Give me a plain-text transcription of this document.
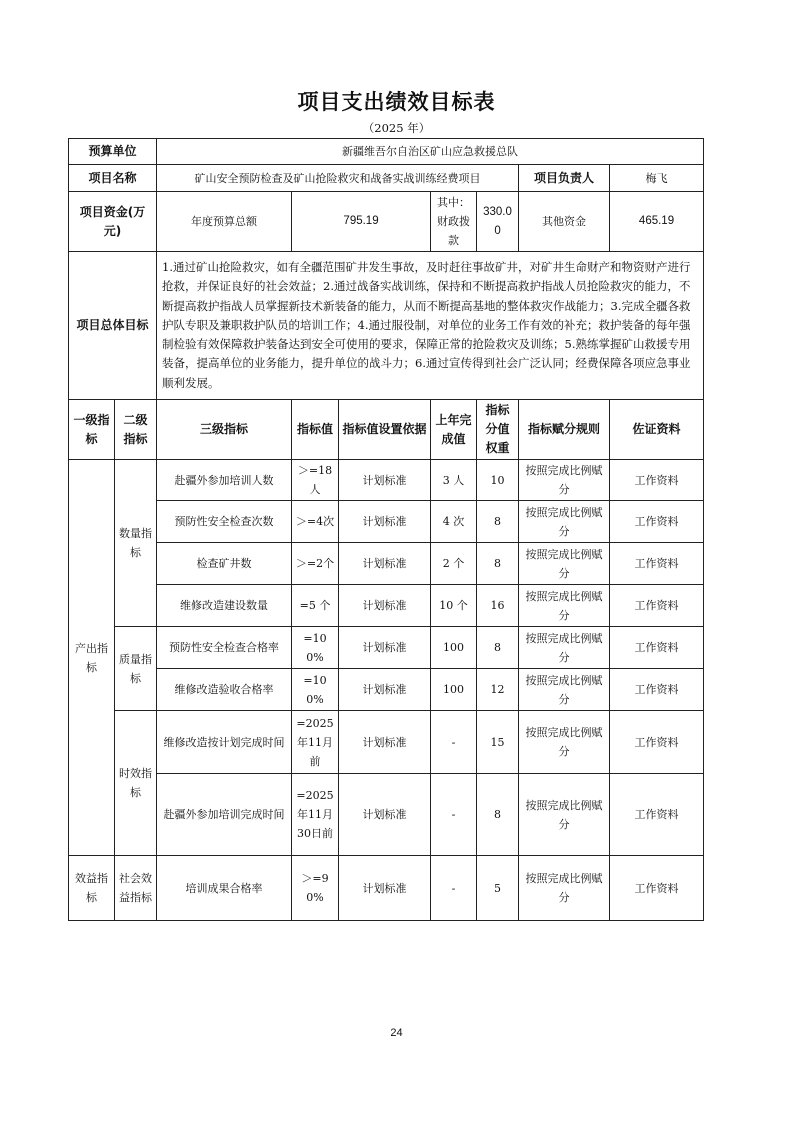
项目支出绩效目标表
（2025 年）
预算单位		新疆维吾尔自治区矿山应急救援总队						
项目名称		矿山安全预防检查及矿山抢险救灾和战备实战训练经费项目					项目负责人	梅飞
项目资金(万元)		年度预算总额	795.19		其中：财政拨款	330.00	其他资金	465.19
项目总体目标		1.通过矿山抢险救灾，如有全疆范围矿井发生事故，及时赶往事故矿井，对矿井生命财产和物资财产进行抢救，并保证良好的社会效益；2.通过战备实战训练，保持和不断提高救护指战人员抢险救灾的能力，不断提高救护指战人员掌握新技术新装备的能力，从而不断提高基地的整体救灾作战能力；3.完成全疆各救护队专职及兼职救护队员的培训工作；4.通过服役制，对单位的业务工作有效的补充；救护装备的每年强制检验有效保障救护装备达到安全可使用的要求，保障正常的抢险救灾及训练；5.熟练掌握矿山救援专用装备，提高单位的业务能力，提升单位的战斗力；6.通过宣传得到社会广泛认同；经费保障各项应急事业顺利发展。						
一级指标	二级指标	三级指标	指标值	指标值设置依据	上年完成值	指标分值权重	指标赋分规则	佐证资料
产出指标	数量指标	赴疆外参加培训人数	＞=18人	计划标准	3 人	10	按照完成比例赋分	工作资料
		预防性安全检查次数	＞=4次	计划标准	4 次	8	按照完成比例赋分	工作资料
		检查矿井数	＞=2个	计划标准	2 个	8	按照完成比例赋分	工作资料
		维修改造建设数量	=5 个	计划标准	10 个	16	按照完成比例赋分	工作资料
	质量指标	预防性安全检查合格率	=100%	计划标准	100	8	按照完成比例赋分	工作资料
		维修改造验收合格率	=100%	计划标准	100	12	按照完成比例赋分	工作资料
	时效指标	维修改造按计划完成时间	=2025年11月前	计划标准	-	15	按照完成比例赋分	工作资料
		赴疆外参加培训完成时间	=2025年11月30日前	计划标准	-	8	按照完成比例赋分	工作资料
效益指标	社会效益指标	培训成果合格率	＞=90%	计划标准	-	5	按照完成比例赋分	工作资料
24
